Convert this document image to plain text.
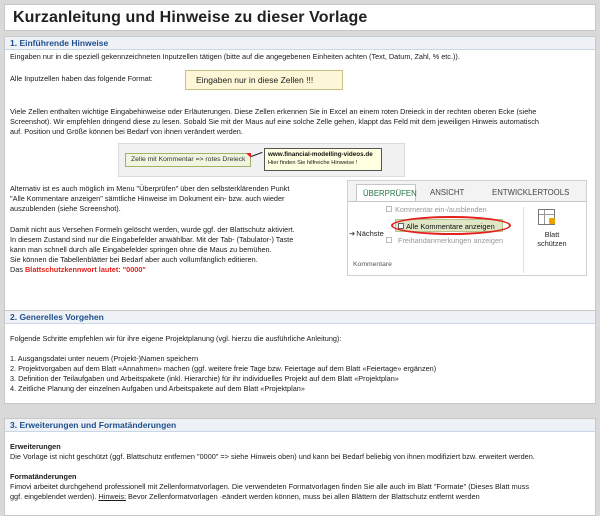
Kurzanleitung und Hinweise zu dieser Vorlage
1. Einführende Hinweise
Eingaben nur in die speziell gekennzeichneten Inputzellen tätigen (bitte auf die angegebenen Einheiten achten (Text, Datum, Zahl, % etc.)).
Alle Inputzellen haben das folgende Format:	Eingaben nur in diese Zellen !!!
Viele Zellen enthalten wichtige Eingabehinweise oder Erläuterungen. Diese Zellen erkennen Sie in Excel an einem roten Dreieck in der rechten oberen Ecke (siehe
Screenshot). Wir empfehlen dringend diese zu lesen. Sobald Sie mit der Maus auf eine solche Zelle gehen, klappt das Feld mit dem jeweiligen Hinweis automatisch
auf. Position und Größe können bei Bedarf von ihnen verändert werden.
Zelle mit Kommentar => rotes Dreieck
www.financial-modelling-videos.de
Hier finden Sie hilfreiche Hinweise !
Alternativ ist es auch möglich im Menu "Überprüfen" über den selbsterklärenden Punkt
"Alle Kommentare anzeigen" sämtliche Hinweise im Dokument ein- bzw. auch wieder
auszublenden (siehe Screenshot).
Damit nicht aus Versehen Formeln gelöscht werden, wurde ggf. der Blattschutz aktiviert.
In diesem Zustand sind nur die Eingabefelder anwählbar. Mit der Tab- (Tabulator-) Taste
kann man schnell durch alle Eingabefelder springen ohne die Maus zu bemühen.
Sie können die Tabellenblätter bei Bedarf aber auch vollumfänglich editieren.
Das Blattschutzkennwort lautet: "0000"
ÜBERPRÜFEN ANSICHT	ENTWICKLERTOOLS
➜Nächste
Kommentar ein-/ausblenden
Alle Kommentare anzeigen
Freihandanmerkungen anzeigen
Kommentare
Blatt
schützen
2. Generelles Vorgehen
Folgende Schritte empfehlen wir für ihre eigene Projektplanung (vgl. hierzu die ausführliche Anleitung):
1. Ausgangsdatei unter neuem (Projekt-)Namen speichern
2. Projektvorgaben auf dem Blatt «Annahmen» machen (ggf. weitere freie Tage bzw. Feiertage auf dem Blatt «Feiertage» ergänzen)
3. Definition der Teilaufgaben und Arbeitspakete (inkl. Hierarchie) für ihr individuelles Projekt auf dem Blatt «Projektplan»
4. Zeitliche Planung der einzelnen Aufgaben und Arbeitspakete auf dem Blatt «Projektplan»
3. Erweiterungen und Formatänderungen
Erweiterungen
Die Vorlage ist nicht geschützt (ggf. Blattschutz entfernen "0000" => siehe Hinweis oben) und kann bei Bedarf beliebig von ihnen modifiziert bzw. erweitert werden.
Formatänderungen
Fimovi arbeitet durchgehend professionell mit Zellenformatvorlagen. Die verwendeten Formatvorlagen finden Sie alle auch im Blatt "Formate" (Dieses Blatt muss
ggf. eingeblendet werden). Hinweis: Bevor Zellenformatvorlagen ·eändert werden können, muss bei allen Blättern der Blattschutz entfernt werden
